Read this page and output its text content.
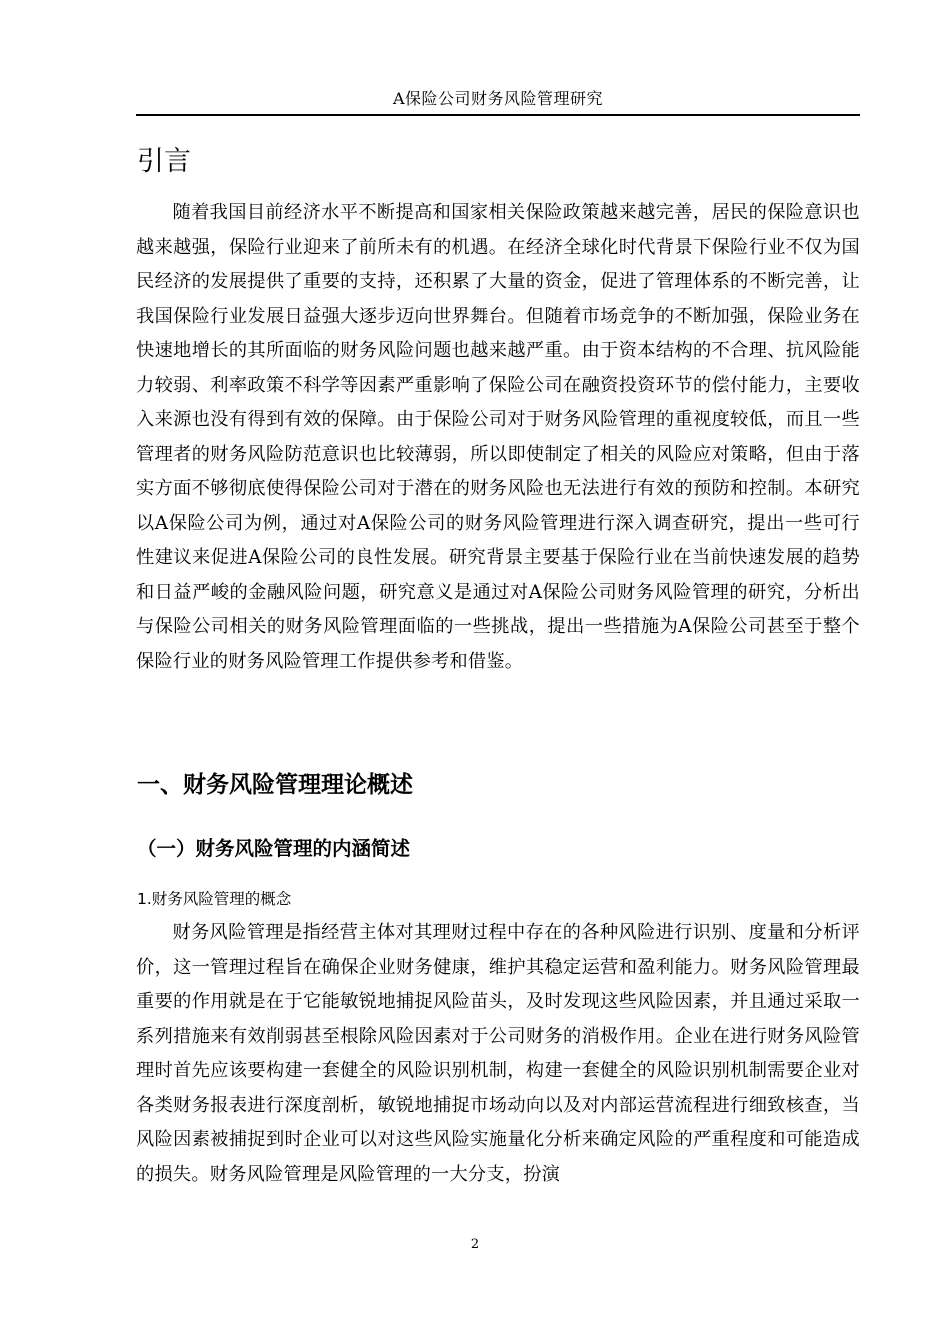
A保险公司财务风险管理研究
引言

随着我国目前经济水平不断提高和国家相关保险政策越来越完善，居民的保险意识也越来越强，保险行业迎来了前所未有的机遇。在经济全球化时代背景下保险行业不仅为国民经济的发展提供了重要的支持，还积累了大量的资金，促进了管理体系的不断完善，让我国保险行业发展日益强大逐步迈向世界舞台。但随着市场竞争的不断加强，保险业务在快速地增长的其所面临的财务风险问题也越来越严重。由于资本结构的不合理、抗风险能力较弱、利率政策不科学等因素严重影响了保险公司在融资投资环节的偿付能力，主要收入来源也没有得到有效的保障。由于保险公司对于财务风险管理的重视度较低，而且一些管理者的财务风险防范意识也比较薄弱，所以即使制定了相关的风险应对策略，但由于落实方面不够彻底使得保险公司对于潜在的财务风险也无法进行有效的预防和控制。本研究以A保险公司为例，通过对A保险公司的财务风险管理进行深入调查研究，提出一些可行性建议来促进A保险公司的良性发展。研究背景主要基于保险行业在当前快速发展的趋势和日益严峻的金融风险问题，研究意义是通过对A保险公司财务风险管理的研究，分析出与保险公司相关的财务风险管理面临的一些挑战，提出一些措施为A保险公司甚至于整个保险行业的财务风险管理工作提供参考和借鉴。

一、财务风险管理理论概述
（一）财务风险管理的内涵简述
1.财务风险管理的概念

财务风险管理是指经营主体对其理财过程中存在的各种风险进行识别、度量和分析评价，这一管理过程旨在确保企业财务健康，维护其稳定运营和盈利能力。财务风险管理最重要的作用就是在于它能敏锐地捕捉风险苗头，及时发现这些风险因素，并且通过采取一系列措施来有效削弱甚至根除风险因素对于公司财务的消极作用。企业在进行财务风险管理时首先应该要构建一套健全的风险识别机制，构建一套健全的风险识别机制需要企业对各类财务报表进行深度剖析，敏锐地捕捉市场动向以及对内部运营流程进行细致核查，当风险因素被捕捉到时企业可以对这些风险实施量化分析来确定风险的严重程度和可能造成的损失。财务风险管理是风险管理的一大分支，扮演

2
